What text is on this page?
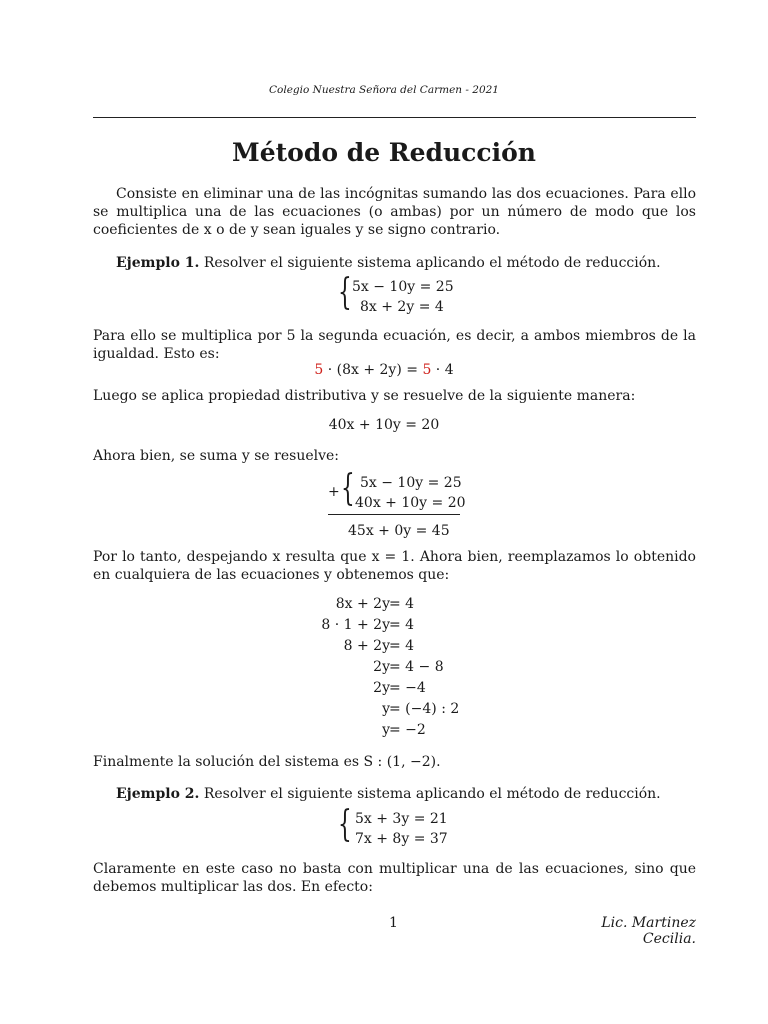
Colegio Nuestra Señora del Carmen - 2021
Método de Reducción
Consiste en eliminar una de las incógnitas sumando las dos ecuaciones. Para ello se multiplica una de las ecuaciones (o ambas) por un número de modo que los coeficientes de x o de y sean iguales y se signo contrario.
Ejemplo 1. Resolver el siguiente sistema aplicando el método de reducción.
{ 5x − 10y = 25
8x + 2y = 4
Para ello se multiplica por 5 la segunda ecuación, es decir, a ambos miembros de la igualdad. Esto es:
5 · (8x + 2y) = 5 · 4
Luego se aplica propiedad distributiva y se resuelve de la siguiente manera:
40x + 10y = 20
Ahora bien, se suma y se resuelve:
+ { 5x − 10y = 25
40x + 10y = 20
45x + 0y = 45
Por lo tanto, despejando x resulta que x = 1. Ahora bien, reemplazamos lo obtenido en cualquiera de las ecuaciones y obtenemos que:
8x + 2y = 4
8 · 1 + 2y = 4
8 + 2y = 4
2y = 4 − 8
2y = −4
y = (−4) : 2
y = −2
Finalmente la solución del sistema es S : (1, −2).
Ejemplo 2. Resolver el siguiente sistema aplicando el método de reducción.
{ 5x + 3y = 21
7x + 8y = 37
Claramente en este caso no basta con multiplicar una de las ecuaciones, sino que debemos multiplicar las dos. En efecto:
1	Lic. Martinez Cecilia.
